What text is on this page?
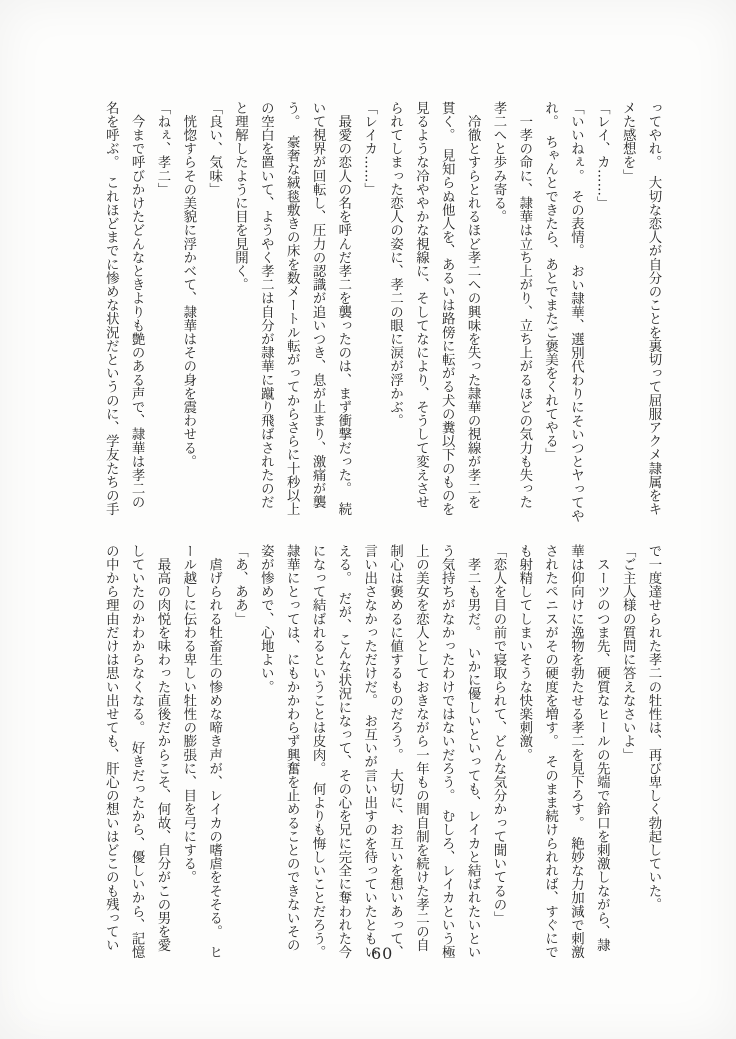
ってやれ。　大切な恋人が自分のことを裏切って屈服アクメ隷属をキ

メた感想を」

「レイ、カ……」

「いいねぇ。　その表情。　おい隷華、選別代わりにそいつとヤってや

れ。　ちゃんとできたら、あとでまたご褒美をくれてやる」

　一孝の命に、隷華は立ち上がり、立ち上がるほどの気力も失った

孝二へと歩み寄る。

　冷徹とすらとれるほど孝二への興味を失った隷華の視線が孝二を

貫く。　見知らぬ他人を、あるいは路傍に転がる犬の糞以下のものを

見るような冷ややかな視線に、そしてなにより、そうして変えさせ

られてしまった恋人の姿に、孝二の眼に涙が浮かぶ。

「レイカ……」

　最愛の恋人の名を呼んだ孝二を襲ったのは、まず衝撃だった。　続

いて視界が回転し、圧力の認識が追いつき、息が止まり、激痛が襲

う。　豪奢な絨毯敷きの床を数メートル転がってからさらに十秒以上

の空白を置いて、ようやく孝二は自分が隷華に蹴り飛ばされたのだ

と理解したように目を見開く。

「良い、気味」

　恍惚すらその美貌に浮かべて、隷華はその身を震わせる。

「ねぇ、孝二」

　今まで呼びかけたどんなときよりも艶のある声で、隷華は孝二の

名を呼ぶ。　これほどまでに惨めな状況だというのに、学友たちの手

で一度達せられた孝二の牡性は、再び卑しく勃起していた。

「ご主人様の質問に答えなさいよ」

　スーツのつま先、硬質なヒールの先端で鈴口を刺激しながら、隷

華は仰向けに逸物を勃たせる孝二を見下ろす。　絶妙な力加減で刺激

されたペニスがその硬度を増す。　そのまま続けられれば、すぐにで

も射精してしまいそうな快楽刺激。

「恋人を目の前で寝取られて、どんな気分かって聞いてるの」

　孝二も男だ。　いかに優しいといっても、レイカと結ばれたいとい

う気持ちがなかったわけではないだろう。　むしろ、レイカという極

上の美女を恋人としておきながら一年もの間自制を続けた孝二の自

制心は褒めるに値するものだろう。　大切に、お互いを想いあって、

言い出さなかっただけだ。　お互いが言い出すのを待っていたともい

える。　だが、こんな状況になって、その心を兄に完全に奪われた今

になって結ばれるということは皮肉。　何よりも悔しいことだろう。

隷華にとっては、にもかかわらず興奮を止めることのできないその

姿が惨めで、心地よい。

「あ、ああ」

　虐げられる牡畜生の惨めな啼き声が、レイカの嗜虐をそそる。　ヒ

ール越しに伝わる卑しい牡性の膨張に、目を弓にする。

　最高の肉悦を味わった直後だからこそ、何故、自分がこの男を愛

していたのかわからなくなる。　好きだったから、優しいから、記憶

の中から理由だけは思い出せても、肝心の想いはどこのも残ってい

60
